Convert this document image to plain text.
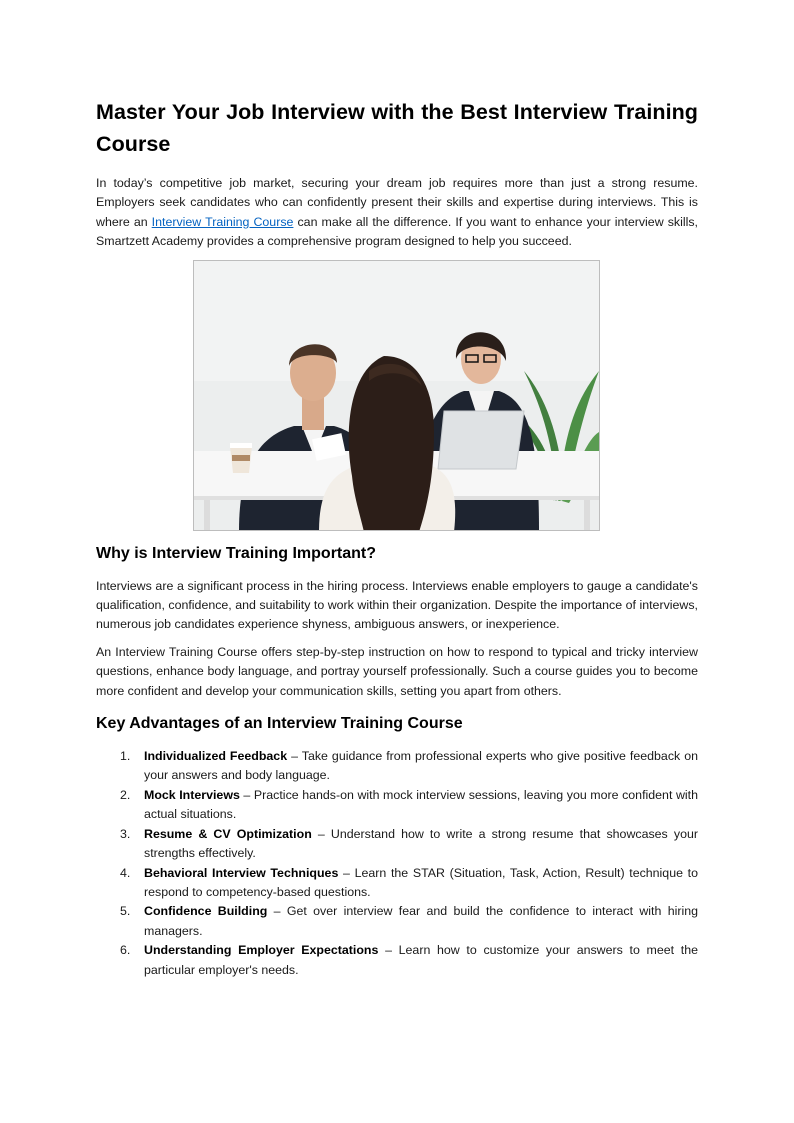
Master Your Job Interview with the Best Interview Training Course

In today’s competitive job market, securing your dream job requires more than just a strong resume. Employers seek candidates who can confidently present their skills and expertise during interviews. This is where an Interview Training Course can make all the difference. If you want to enhance your interview skills, Smartzett Academy provides a comprehensive program designed to help you succeed.

Why is Interview Training Important?

Interviews are a significant process in the hiring process. Interviews enable employers to gauge a candidate's qualification, confidence, and suitability to work within their organization. Despite the importance of interviews, numerous job candidates experience shyness, ambiguous answers, or inexperience.

An Interview Training Course offers step-by-step instruction on how to respond to typical and tricky interview questions, enhance body language, and portray yourself professionally. Such a course guides you to become more confident and develop your communication skills, setting you apart from others.

Key Advantages of an Interview Training Course
1. Individualized Feedback – Take guidance from professional experts who give positive feedback on your answers and body language.
2. Mock Interviews – Practice hands-on with mock interview sessions, leaving you more confident with actual situations.
3. Resume & CV Optimization – Understand how to write a strong resume that showcases your strengths effectively.
4. Behavioral Interview Techniques – Learn the STAR (Situation, Task, Action, Result) technique to respond to competency-based questions.
5. Confidence Building – Get over interview fear and build the confidence to interact with hiring managers.
6. Understanding Employer Expectations – Learn how to customize your answers to meet the particular employer's needs.
